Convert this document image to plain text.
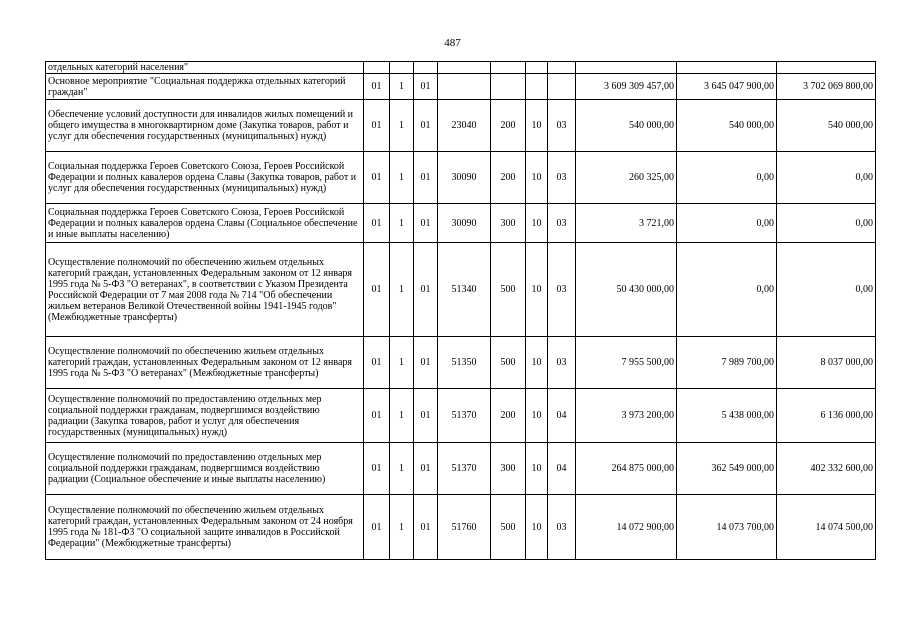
487
отдельных категорий населения"										
Основное мероприятие "Социальная поддержка отдельных категорий граждан"	01	1	01					3 609 309 457,00	3 645 047 900,00	3 702 069 800,00
Обеспечение условий доступности для инвалидов жилых помещений и общего имущества в многоквартирном доме (Закупка товаров, работ и услуг для обеспечения государственных (муниципальных) нужд)	01	1	01	23040	200	10	03	540 000,00	540 000,00	540 000,00
Социальная поддержка Героев Советского Союза, Героев Российской Федерации и полных кавалеров ордена Славы (Закупка товаров, работ и услуг для обеспечения государственных (муниципальных) нужд)	01	1	01	30090	200	10	03	260 325,00	0,00	0,00
Социальная поддержка Героев Советского Союза, Героев Российской Федерации и полных кавалеров ордена Славы (Социальное обеспечение и иные выплаты населению)	01	1	01	30090	300	10	03	3 721,00	0,00	0,00
Осуществление полномочий по обеспечению жильем отдельных категорий граждан, установленных Федеральным законом от 12 января 1995 года № 5-ФЗ "О ветеранах", в соответствии с Указом Президента Российской Федерации от 7 мая 2008 года № 714 "Об обеспечении жильем ветеранов Великой Отечественной войны 1941-1945 годов" (Межбюджетные трансферты)	01	1	01	51340	500	10	03	50 430 000,00	0,00	0,00
Осуществление полномочий по обеспечению жильем отдельных категорий граждан, установленных Федеральным законом от 12 января 1995 года № 5-ФЗ "О ветеранах" (Межбюджетные трансферты)	01	1	01	51350	500	10	03	7 955 500,00	7 989 700,00	8 037 000,00
Осуществление полномочий по предоставлению отдельных мер социальной поддержки гражданам, подвергшимся воздействию радиации (Закупка товаров, работ и услуг для обеспечения государственных (муниципальных) нужд)	01	1	01	51370	200	10	04	3 973 200,00	5 438 000,00	6 136 000,00
Осуществление полномочий по предоставлению отдельных мер социальной поддержки гражданам, подвергшимся воздействию радиации (Социальное обеспечение и иные выплаты населению)	01	1	01	51370	300	10	04	264 875 000,00	362 549 000,00	402 332 600,00
Осуществление полномочий по обеспечению жильем отдельных категорий граждан, установленных Федеральным законом от 24 ноября 1995 года № 181-ФЗ "О социальной защите инвалидов в Российской Федерации" (Межбюджетные трансферты)	01	1	01	51760	500	10	03	14 072 900,00	14 073 700,00	14 074 500,00
